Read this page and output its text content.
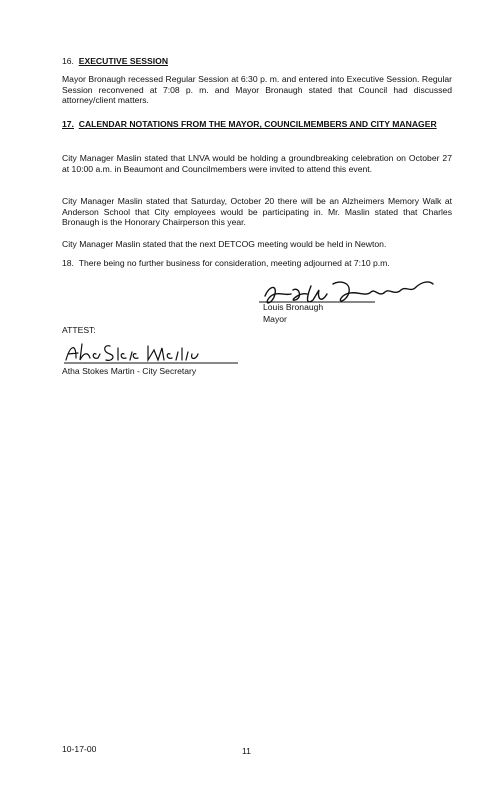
16. EXECUTIVE SESSION

Mayor Bronaugh recessed Regular Session at 6:30 p. m. and entered into Executive Session. Regular Session reconvened at 7:08 p. m. and Mayor Bronaugh stated that Council had discussed attorney/client matters.

17. CALENDAR NOTATIONS FROM THE MAYOR, COUNCILMEMBERS AND CITY MANAGER

City Manager Maslin stated that LNVA would be holding a groundbreaking celebration on October 27 at 10:00 a.m. in Beaumont and Councilmembers were invited to attend this event.

City Manager Maslin stated that Saturday, October 20 there will be an Alzheimers Memory Walk at Anderson School that City employees would be participating in. Mr. Maslin stated that Charles Bronaugh is the Honorary Chairperson this year.

City Manager Maslin stated that the next DETCOG meeting would be held in Newton.

18. There being no further business for consideration, meeting adjourned at 7:10 p.m.
Louis Bronaugh
Mayor
ATTEST:
Atha Stokes Martin - City Secretary
10-17-00	11
